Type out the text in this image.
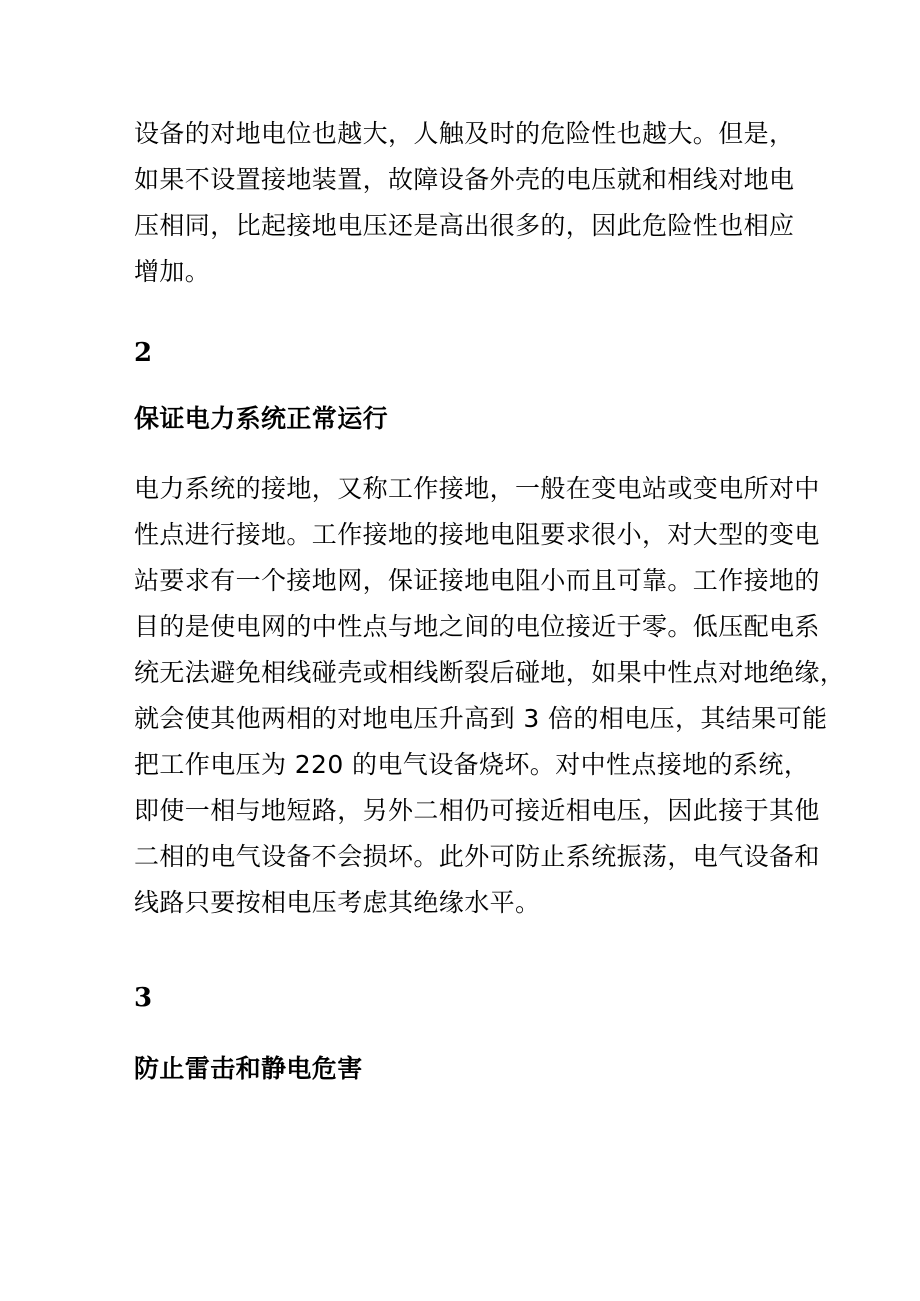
设备的对地电位也越大，人触及时的危险性也越大。但是，
如果不设置接地装置，故障设备外壳的电压就和相线对地电
压相同，比起接地电压还是高出很多的，因此危险性也相应
增加。

2
保证电力系统正常运行

电力系统的接地，又称工作接地，一般在变电站或变电所对中
性点进行接地。工作接地的接地电阻要求很小，对大型的变电
站要求有一个接地网，保证接地电阻小而且可靠。工作接地的
目的是使电网的中性点与地之间的电位接近于零。低压配电系
统无法避免相线碰壳或相线断裂后碰地，如果中性点对地绝缘，
就会使其他两相的对地电压升高到 3 倍的相电压，其结果可能
把工作电压为 220 的电气设备烧坏。对中性点接地的系统，
即使一相与地短路，另外二相仍可接近相电压，因此接于其他
二相的电气设备不会损坏。此外可防止系统振荡，电气设备和
线路只要按相电压考虑其绝缘水平。

3
防止雷击和静电危害
